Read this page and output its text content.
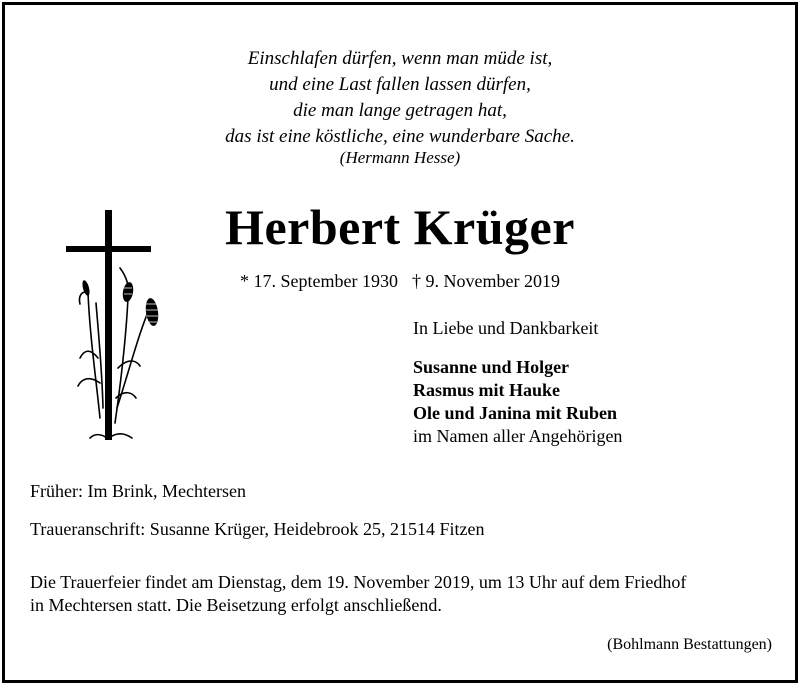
Einschlafen dürfen, wenn man müde ist,
und eine Last fallen lassen dürfen,
die man lange getragen hat,
das ist eine köstliche, eine wunderbare Sache.
(Hermann Hesse)
Herbert Krüger
* 17. September 1930 † 9. November 2019
In Liebe und Dankbarkeit
Susanne und Holger
Rasmus mit Hauke
Ole und Janina mit Ruben
im Namen aller Angehörigen
Früher: Im Brink, Mechtersen
Traueranschrift: Susanne Krüger, Heidebrook 25, 21514 Fitzen
Die Trauerfeier findet am Dienstag, dem 19. November 2019, um 13 Uhr auf dem Friedhof
in Mechtersen statt. Die Beisetzung erfolgt anschließend.
(Bohlmann Bestattungen)
